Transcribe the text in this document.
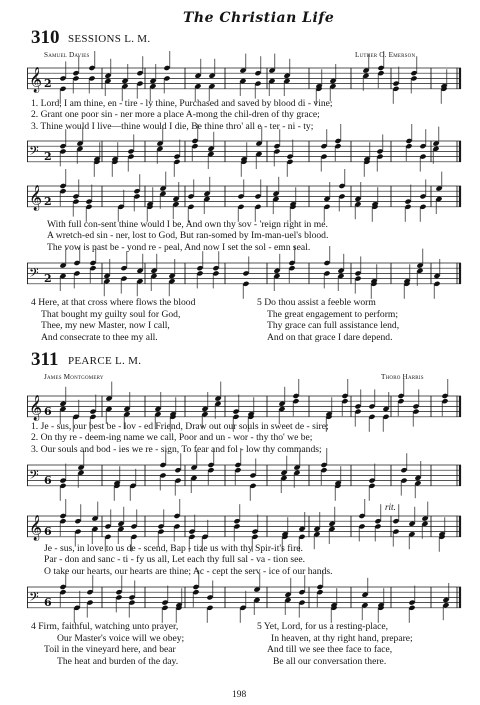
The Christian Life
310 SESSIONS L. M.
Samuel Davies	Luther O. Emerson
𝄞 2
1. Lord, I am thine, en - tire - ly thine, Purchased and saved by blood di - vine;
2. Grant one poor sin - ner more a place A-mong the chil-dren of thy grace;
3. Thine would I live—thine would I die, Be thine thro' all e - ter - ni - ty;
𝄢 2
𝄞 2
With full con-sent thine would I be, And own thy sov - 'reign right in me.
A wretch-ed sin - ner, lost to God, But ran-somed by Im-man-uel's blood.
The vow is past be - yond re - peal, And now I set the sol - emn seal.
𝄢 2
4 Here, at that cross where flows the blood
That bought my guilty soul for God,
Thee, my new Master, now I call,
And consecrate to thee my all.
5 Do thou assist a feeble worm
The great engagement to perform;
Thy grace can full assistance lend,
And on that grace I dare depend.
311 PEARCE L. M.
James Montgomery	Thoro Harris
𝄞 6
1. Je - sus, our best be - lov - ed Friend, Draw out our souls in sweet de - sire;
2. On thy re - deem-ing name we call, Poor and un - wor - thy tho' we be;
3. Our souls and bod - ies we re - sign, To fear and fol - low thy commands;
𝄢 6
rit.
𝄞 6
Je - sus, in love to us de - scend, Bap - tize us with thy Spir-it's fire.
Par - don and sanc - ti - fy us all, Let each thy full sal - va - tion see.
O take our hearts, our hearts are thine; Ac - cept the serv - ice of our hands.
𝄢 6
4 Firm, faithful, watching unto prayer,
Our Master's voice will we obey;
Toil in the vineyard here, and bear
The heat and burden of the day.
5 Yet, Lord, for us a resting-place,
In heaven, at thy right hand, prepare;
And till we see thee face to face,
Be all our conversation there.
198
